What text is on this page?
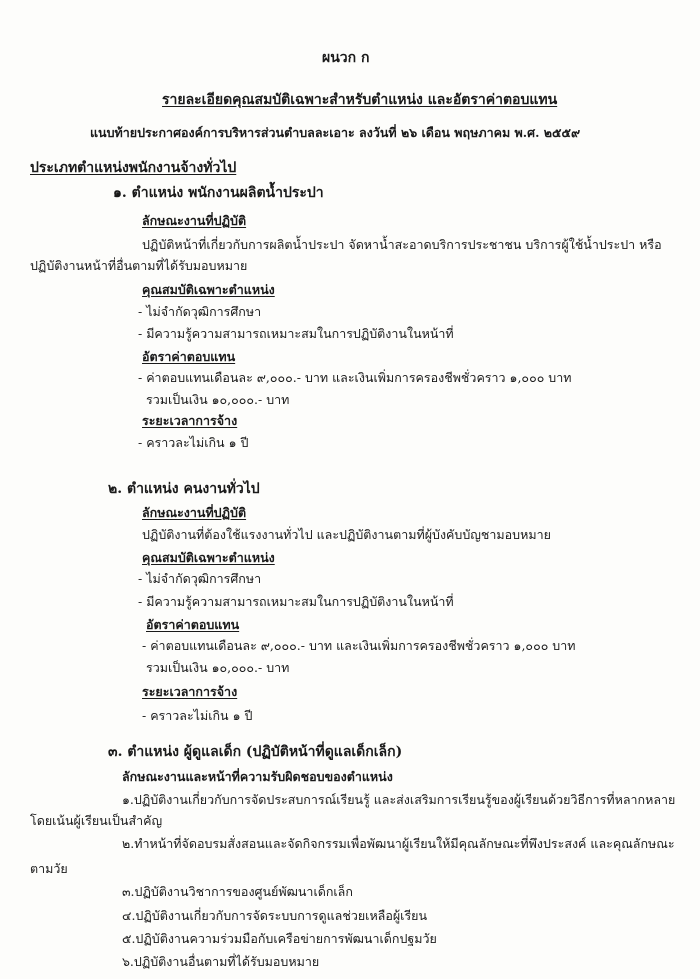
ผนวก ก
รายละเอียดคุณสมบัติเฉพาะสำหรับตำแหน่ง และอัตราค่าตอบแทน
แนบท้ายประกาศองค์การบริหารส่วนตำบลละเอาะ ลงวันที่ ๒๖ เดือน พฤษภาคม พ.ศ. ๒๕๕๙
ประเภทตำแหน่งพนักงานจ้างทั่วไป
๑. ตำแหน่ง พนักงานผลิตน้ำประปา
ลักษณะงานที่ปฏิบัติ
ปฏิบัติหน้าที่เกี่ยวกับการผลิตน้ำประปา จัดหาน้ำสะอาดบริการประชาชน บริการผู้ใช้น้ำประปา หรือ
ปฏิบัติงานหน้าที่อื่นตามที่ได้รับมอบหมาย
คุณสมบัติเฉพาะตำแหน่ง
- ไม่จำกัดวุฒิการศึกษา
- มีความรู้ความสามารถเหมาะสมในการปฏิบัติงานในหน้าที่
อัตราค่าตอบแทน
- ค่าตอบแทนเดือนละ ๙,๐๐๐.- บาท และเงินเพิ่มการครองชีพชั่วคราว ๑,๐๐๐ บาท
รวมเป็นเงิน ๑๐,๐๐๐.- บาท
ระยะเวลาการจ้าง
- คราวละไม่เกิน ๑ ปี
๒. ตำแหน่ง คนงานทั่วไป
ลักษณะงานที่ปฏิบัติ
ปฏิบัติงานที่ต้องใช้แรงงานทั่วไป และปฏิบัติงานตามที่ผู้บังคับบัญชามอบหมาย
คุณสมบัติเฉพาะตำแหน่ง
- ไม่จำกัดวุฒิการศึกษา
- มีความรู้ความสามารถเหมาะสมในการปฏิบัติงานในหน้าที่
อัตราค่าตอบแทน
- ค่าตอบแทนเดือนละ ๙,๐๐๐.- บาท และเงินเพิ่มการครองชีพชั่วคราว ๑,๐๐๐ บาท
รวมเป็นเงิน ๑๐,๐๐๐.- บาท
ระยะเวลาการจ้าง
- คราวละไม่เกิน ๑ ปี
๓. ตำแหน่ง ผู้ดูแลเด็ก (ปฏิบัติหน้าที่ดูแลเด็กเล็ก)
ลักษณะงานและหน้าที่ความรับผิดชอบของตำแหน่ง
๑.ปฏิบัติงานเกี่ยวกับการจัดประสบการณ์เรียนรู้ และส่งเสริมการเรียนรู้ของผู้เรียนด้วยวิธีการที่หลากหลาย
โดยเน้นผู้เรียนเป็นสำคัญ
๒.ทำหน้าที่จัดอบรมสั่งสอนและจัดกิจกรรมเพื่อพัฒนาผู้เรียนให้มีคุณลักษณะที่พึงประสงค์ และคุณลักษณะ
ตามวัย
๓.ปฏิบัติงานวิชาการของศูนย์พัฒนาเด็กเล็ก
๔.ปฏิบัติงานเกี่ยวกับการจัดระบบการดูแลช่วยเหลือผู้เรียน
๕.ปฏิบัติงานความร่วมมือกับเครือข่ายการพัฒนาเด็กปฐมวัย
๖.ปฏิบัติงานอื่นตามที่ได้รับมอบหมาย
